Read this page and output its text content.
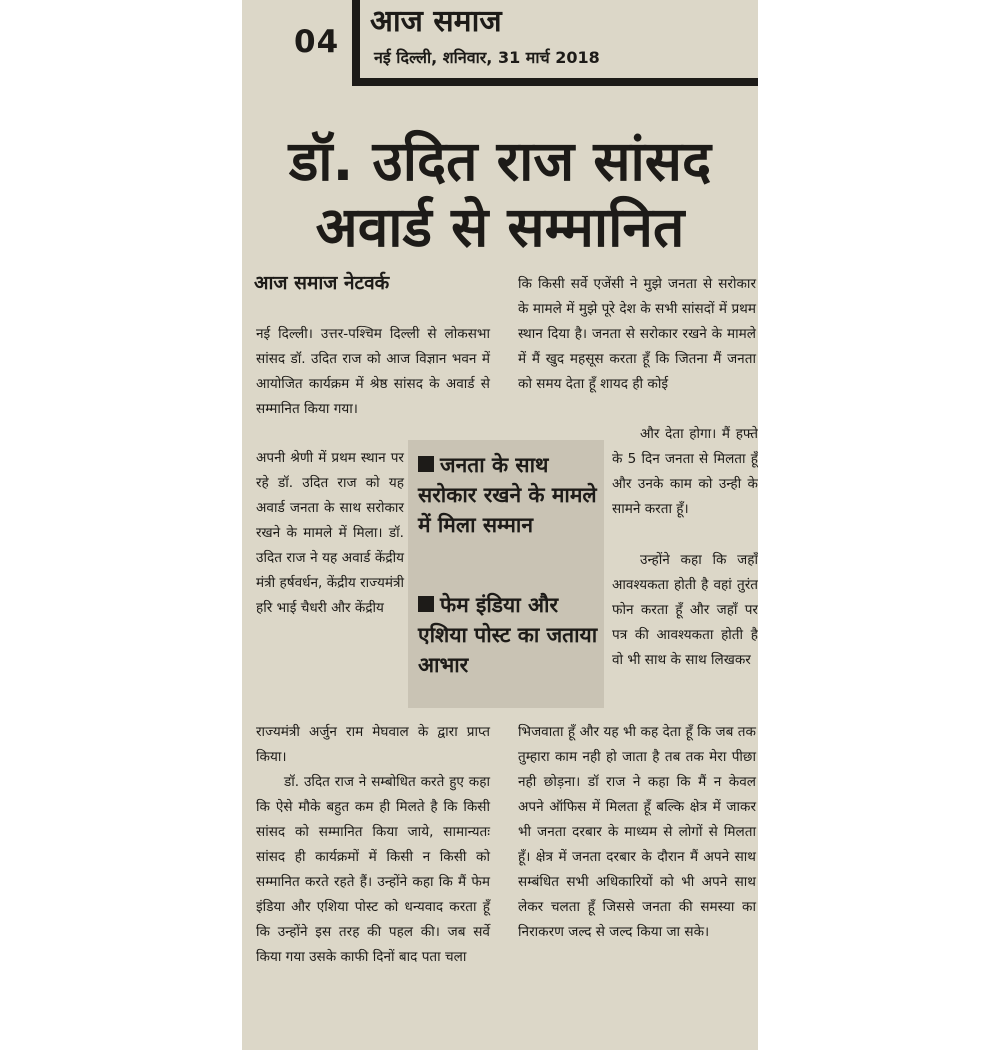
04
आज समाज
नई दिल्ली, शनिवार, 31 मार्च 2018
डॉ. उदित राज सांसद
अवार्ड से सम्मानित
आज समाज नेटवर्क

नई दिल्ली। उत्तर-पश्चिम दिल्ली से लोकसभा सांसद डॉ. उदित राज को आज विज्ञान भवन में आयोजित कार्यक्रम में श्रेष्ठ सांसद के अवार्ड से सम्मानित किया गया।

अपनी श्रेणी में प्रथम स्थान पर रहे डॉ. उदित राज को यह अवार्ड जनता के साथ सरोकार रखने के मामले में मिला। डॉ. उदित राज ने यह अवार्ड केंद्रीय मंत्री हर्षवर्धन, केंद्रीय राज्यमंत्री हरि भाई चैधरी और केंद्रीय

राज्यमंत्री अर्जुन राम मेघवाल के द्वारा प्राप्त किया।

डॉ. उदित राज ने सम्बोधित करते हुए कहा कि ऐसे मौके बहुत कम ही मिलते है कि किसी सांसद को सम्मानित किया जाये, सामान्यतः सांसद ही कार्यक्रमों में किसी न किसी को सम्मानित करते रहते हैं। उन्होंने कहा कि मैं फेम इंडिया और एशिया पोस्ट को धन्यवाद करता हूँ कि उन्होंने इस तरह की पहल की। जब सर्वे किया गया उसके काफी दिनों बाद पता चला

जनता के साथ सरोकार रखने के मामले में मिला सम्मान

फेम इंडिया और एशिया पोस्ट का जताया आभार

कि किसी सर्वे एजेंसी ने मुझे जनता से सरोकार के मामले में मुझे पूरे देश के सभी सांसदों में प्रथम स्थान दिया है। जनता से सरोकार रखने के मामले में मैं खुद महसूस करता हूँ कि जितना मैं जनता को समय देता हूँ शायद ही कोई

और देता होगा। मैं हफ्ते के 5 दिन जनता से मिलता हूँ और उनके काम को उन्ही के सामने करता हूँ।

उन्होंने कहा कि जहाँ आवश्यकता होती है वहां तुरंत फोन करता हूँ और जहाँ पर पत्र की आवश्यकता होती है वो भी साथ के साथ लिखकर

भिजवाता हूँ और यह भी कह देता हूँ कि जब तक तुम्हारा काम नही हो जाता है तब तक मेरा पीछा नही छोड़ना। डॉ राज ने कहा कि मैं न केवल अपने ऑफिस में मिलता हूँ बल्कि क्षेत्र में जाकर भी जनता दरबार के माध्यम से लोगों से मिलता हूँ। क्षेत्र में जनता दरबार के दौरान मैं अपने साथ सम्बंधित सभी अधिकारियों को भी अपने साथ लेकर चलता हूँ जिससे जनता की समस्या का निराकरण जल्द से जल्द किया जा सके।
